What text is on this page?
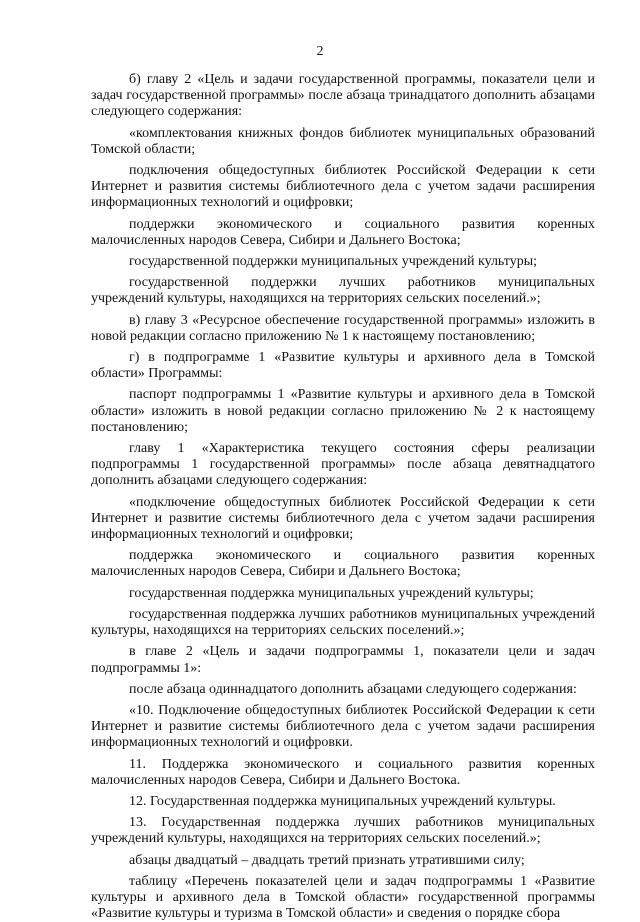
2

б) главу 2 «Цель и задачи государственной программы, показатели цели и задач государственной программы» после абзаца тринадцатого дополнить абзацами следующего содержания:

«комплектования книжных фондов библиотек муниципальных образований Томской области;

подключения общедоступных библиотек Российской Федерации к сети Интернет и развития системы библиотечного дела с учетом задачи расширения информационных технологий и оцифровки;

поддержки экономического и социального развития коренных малочисленных народов Севера, Сибири и Дальнего Востока;

государственной поддержки муниципальных учреждений культуры;

государственной поддержки лучших работников муниципальных учреждений культуры, находящихся на территориях сельских поселений.»;

в) главу 3 «Ресурсное обеспечение государственной программы» изложить в новой редакции согласно приложению № 1 к настоящему постановлению;

г) в подпрограмме 1 «Развитие культуры и архивного дела в Томской области» Программы:

паспорт подпрограммы 1 «Развитие культуры и архивного дела в Томской области» изложить в новой редакции согласно приложению № 2 к настоящему постановлению;

главу 1 «Характеристика текущего состояния сферы реализации подпрограммы 1 государственной программы» после абзаца девятнадцатого дополнить абзацами следующего содержания:

«подключение общедоступных библиотек Российской Федерации к сети Интернет и развитие системы библиотечного дела с учетом задачи расширения информационных технологий и оцифровки;

поддержка экономического и социального развития коренных малочисленных народов Севера, Сибири и Дальнего Востока;

государственная поддержка муниципальных учреждений культуры;

государственная поддержка лучших работников муниципальных учреждений культуры, находящихся на территориях сельских поселений.»;

в главе 2 «Цель и задачи подпрограммы 1, показатели цели и задач подпрограммы 1»:

после абзаца одиннадцатого дополнить абзацами следующего содержания:

«10. Подключение общедоступных библиотек Российской Федерации к сети Интернет и развитие системы библиотечного дела с учетом задачи расширения информационных технологий и оцифровки.

11. Поддержка экономического и социального развития коренных малочисленных народов Севера, Сибири и Дальнего Востока.

12. Государственная поддержка муниципальных учреждений культуры.

13. Государственная поддержка лучших работников муниципальных учреждений культуры, находящихся на территориях сельских поселений.»;

абзацы двадцатый – двадцать третий признать утратившими силу;

таблицу «Перечень показателей цели и задач подпрограммы 1 «Развитие культуры и архивного дела в Томской области» государственной программы «Развитие культуры и туризма в Томской области» и сведения о порядке сбора
